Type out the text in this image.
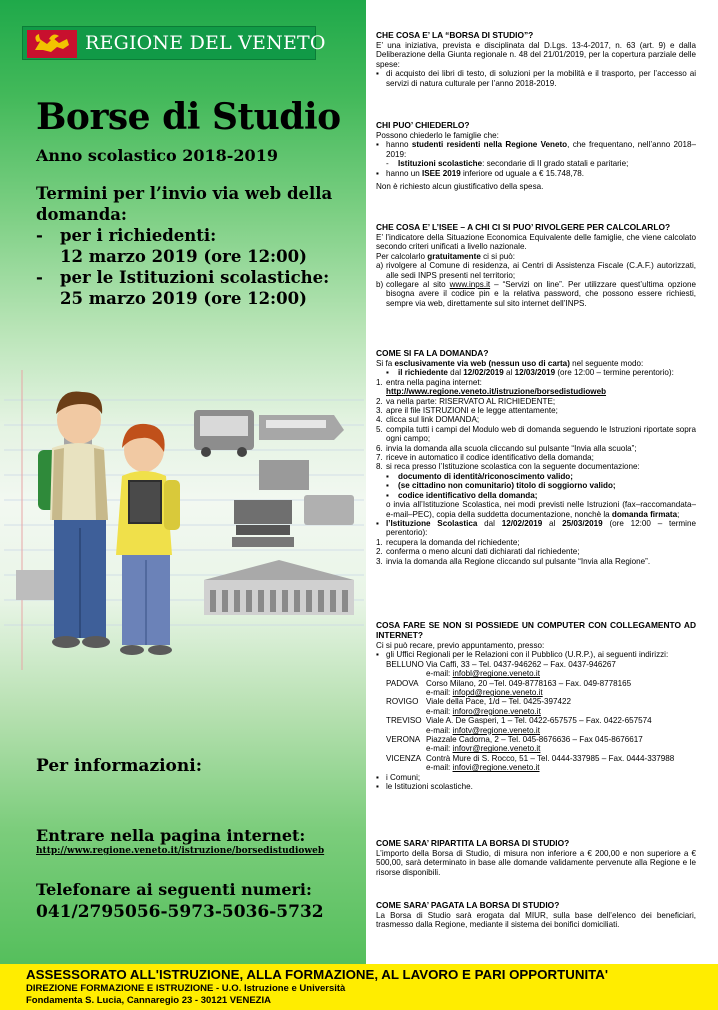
REGIONE DEL VENETO
Borse di Studio
Anno scolastico 2018-2019
Termini per l’invio via web della
domanda:
- per i richiedenti:
12 marzo 2019 (ore 12:00)
- per le Istituzioni scolastiche:
25 marzo 2019 (ore 12:00)
Per informazioni:
Entrare nella pagina internet:
http://www.regione.veneto.it/istruzione/borsedistudioweb
Telefonare ai seguenti numeri:
041/2795056-5973-5036-5732
CHE COSA E’ LA “BORSA DI STUDIO”?

E’ una iniziativa, prevista e disciplinata dal D.Lgs. 13-4-2017, n. 63 (art. 9) e dalla Deliberazione della Giunta regionale n. 48 del 21/01/2019, per la copertura parziale delle spese:

▪ di acquisto dei libri di testo, di soluzioni per la mobilità e il trasporto, per l’accesso ai servizi di natura culturale per l’anno 2018-2019.
CHI PUO’ CHIEDERLO?

Possono chiederlo le famiglie che:

▪ hanno studenti residenti nella Regione Veneto, che frequentano, nell’anno 2018–2019:
- Istituzioni scolastiche: secondarie di II grado statali e paritarie;
▪ hanno un ISEE 2019 inferiore od uguale a € 15.748,78.

Non è richiesto alcun giustificativo della spesa.

CHE COSA E’ L’ISEE – A CHI CI SI PUO’ RIVOLGERE PER CALCOLARLO?

E’ l’indicatore della Situazione Economica Equivalente delle famiglie, che viene calcolato secondo criteri unificati a livello nazionale.

Per calcolarlo gratuitamente ci si può:

a) rivolgere al Comune di residenza, ai Centri di Assistenza Fiscale (C.A.F.) autorizzati, alle sedi INPS presenti nel territorio;
b) collegare al sito www.inps.it – “Servizi on line”. Per utilizzare quest’ultima opzione bisogna avere il codice pin e la relativa password, che possono essere richiesti, sempre via web, direttamente sul sito internet dell’INPS.
COME SI FA LA DOMANDA?

Si fa esclusivamente via web (nessun uso di carta) nel seguente modo:

▪ il richiedente dal 12/02/2019 al 12/03/2019 (ore 12:00 – termine perentorio):
1. entra nella pagina internet:
http://www.regione.veneto.it/istruzione/borsedistudioweb
2. va nella parte: RISERVATO AL RICHIEDENTE;
3. apre il file ISTRUZIONI e le legge attentamente;
4. clicca sul link DOMANDA;
5. compila tutti i campi del Modulo web di domanda seguendo le Istruzioni riportate sopra ogni campo;
6. invia la domanda alla scuola cliccando sul pulsante “Invia alla scuola”;
7. riceve in automatico il codice identificativo della domanda;
8. si reca presso l’Istituzione scolastica con la seguente documentazione:
▪ documento di identità/riconoscimento valido;
▪ (se cittadino non comunitario) titolo di soggiorno valido;
▪ codice identificativo della domanda;
o invia all’Istituzione Scolastica, nei modi previsti nelle Istruzioni (fax–raccomandata–e-mail–PEC), copia della suddetta documentazione, nonchè la domanda firmata;
▪ l’Istituzione Scolastica dal 12/02/2019 al 25/03/2019 (ore 12:00 – termine perentorio):
1. recupera la domanda del richiedente;
2. conferma o meno alcuni dati dichiarati dal richiedente;
3. invia la domanda alla Regione cliccando sul pulsante “Invia alla Regione”.
COSA FARE SE NON SI POSSIEDE UN COMPUTER CON COLLEGAMENTO AD INTERNET?

Ci si può recare, previo appuntamento, presso:

▪ gli Uffici Regionali per le Relazioni con il Pubblico (U.R.P.), ai seguenti indirizzi:
BELLUNO Via Caffi, 33 – Tel. 0437-946262 – Fax. 0437-946267
e-mail: infobl@regione.veneto.it
PADOVA Corso Milano, 20 –Tel. 049-8778163 – Fax. 049-8778165
e-mail: infopd@regione.veneto.it
ROVIGO Viale della Pace, 1/d – Tel. 0425-397422
e-mail: inforo@regione.veneto.it
TREVISO Viale A. De Gasperi, 1 – Tel. 0422-657575 – Fax. 0422-657574
e-mail: infotv@regione.veneto.it
VERONA Piazzale Cadorna, 2 – Tel. 045-8676636 – Fax 045-8676617
e-mail: infovr@regione.veneto.it
VICENZA Contrà Mure di S. Rocco, 51 – Tel. 0444-337985 – Fax. 0444-337988
e-mail: infovi@regione.veneto.it
▪ i Comuni;
▪ le Istituzioni scolastiche.
COME SARA’ RIPARTITA LA BORSA DI STUDIO?

L’importo della Borsa di Studio, di misura non inferiore a € 200,00 e non superiore a € 500,00, sarà determinato in base alle domande validamente pervenute alla Regione e le risorse disponibili.

COME SARA’ PAGATA LA BORSA DI STUDIO?

La Borsa di Studio sarà erogata dal MIUR, sulla base dell’elenco dei beneficiari, trasmesso dalla Regione, mediante il sistema dei bonifici domiciliati.

ASSESSORATO ALL'ISTRUZIONE, ALLA FORMAZIONE, AL LAVORO E PARI OPPORTUNITA'
DIREZIONE FORMAZIONE E ISTRUZIONE - U.O. Istruzione e Università
Fondamenta S. Lucia, Cannaregio 23 - 30121 VENEZIA
